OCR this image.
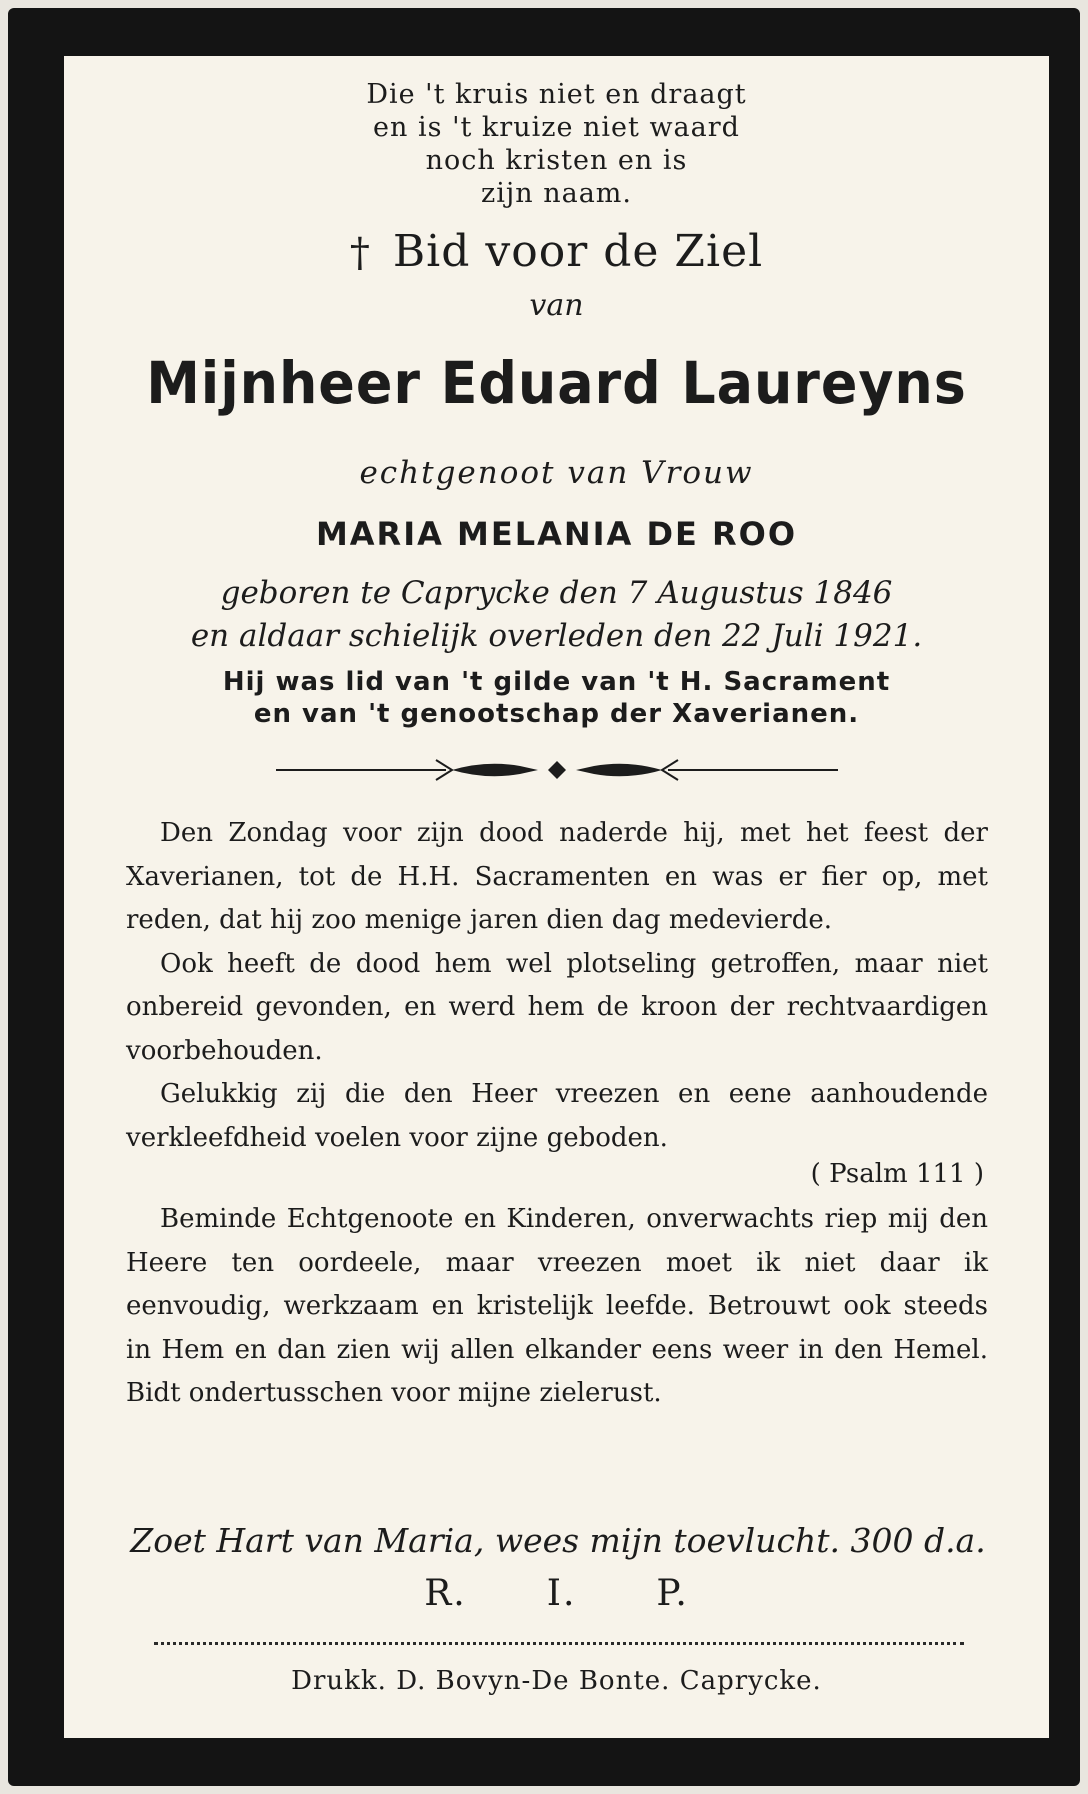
Die 't kruis niet en draagt
en is 't kruize niet waard
noch kristen en is
zijn naam.
† Bid voor de Ziel
van
Mijnheer Eduard Laureyns
echtgenoot van Vrouw
MARIA MELANIA DE ROO
geboren te Caprycke den 7 Augustus 1846
en aldaar schielijk overleden den 22 Juli 1921.
Hij was lid van 't gilde van 't H. Sacrament
en van 't genootschap der Xaverianen.

Den Zondag voor zijn dood naderde hij, met het feest der Xaverianen, tot de H.H. Sacramenten en was er fier op, met reden, dat hij zoo menige jaren dien dag medevierde.

Ook heeft de dood hem wel plotseling getroffen, maar niet onbereid gevonden, en werd hem de kroon der rechtvaardigen voorbehouden.

Gelukkig zij die den Heer vreezen en eene aanhoudende verkleefdheid voelen voor zijne geboden.

( Psalm 111 )

Beminde Echtgenoote en Kinderen, onverwachts riep mij den Heere ten oordeele, maar vreezen moet ik niet daar ik eenvoudig, werkzaam en kristelijk leefde. Betrouwt ook steeds in Hem en dan zien wij allen elkander eens weer in den Hemel. Bidt ondertusschen voor mijne zielerust.

Zoet Hart van Maria, wees mijn toevlucht. 300 d.a.
R. I. P.
Drukk. D. Bovyn-De Bonte. Caprycke.
